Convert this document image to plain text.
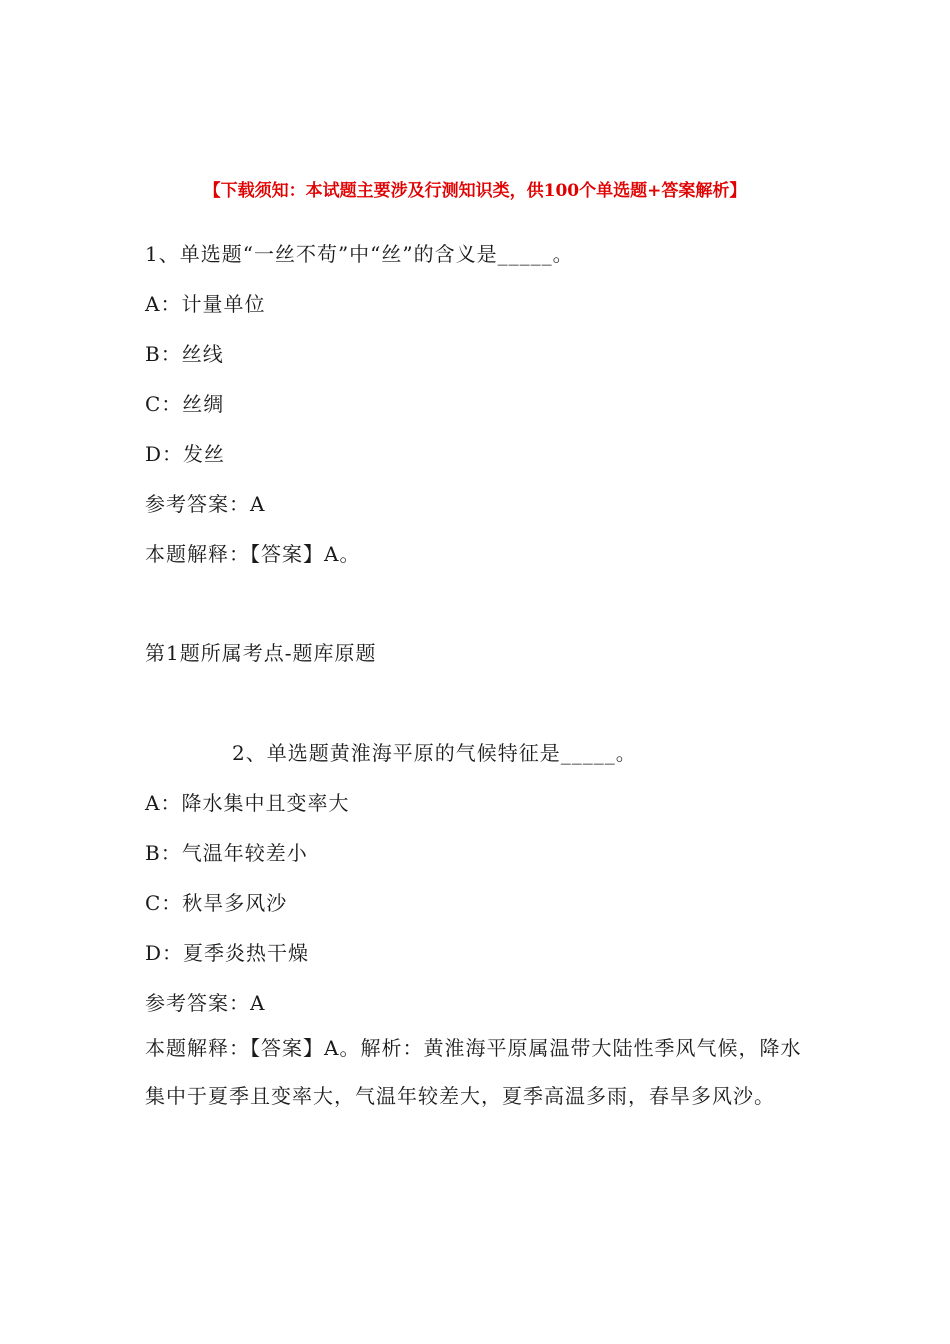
【下载须知：本试题主要涉及行测知识类，供100个单选题+答案解析】
1、单选题“一丝不苟”中“丝”的含义是_____。
A：计量单位
B：丝线
C：丝绸
D：发丝
参考答案：A
本题解释：【答案】A。
第1题所属考点-题库原题
2、单选题黄淮海平原的气候特征是_____。
A：降水集中且变率大
B：气温年较差小
C：秋旱多风沙
D：夏季炎热干燥
参考答案：A
本题解释：【答案】A。解析：黄淮海平原属温带大陆性季风气候，降水集中于夏季且变率大，气温年较差大，夏季高温多雨，春旱多风沙。
